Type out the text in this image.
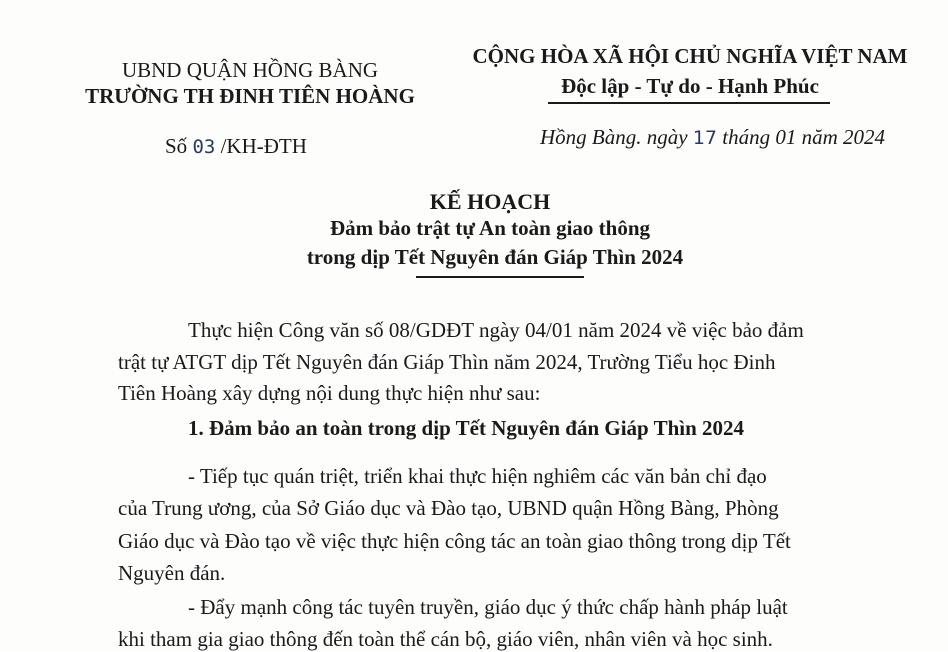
UBND QUẬN HỒNG BÀNG
TRƯỜNG TH ĐINH TIÊN HOÀNG
Số 03 /KH-ĐTH
CỘNG HÒA XÃ HỘI CHỦ NGHĨA VIỆT NAM
Độc lập - Tự do - Hạnh Phúc
Hồng Bàng. ngày 17 tháng 01 năm 2024
KẾ HOẠCH
Đảm bảo trật tự An toàn giao thông
trong dịp Tết Nguyên đán Giáp Thìn 2024
Thực hiện Công văn số 08/GDĐT ngày 04/01 năm 2024 về việc bảo đảm
trật tự ATGT dịp Tết Nguyên đán Giáp Thìn năm 2024, Trường Tiểu học Đinh
Tiên Hoàng xây dựng nội dung thực hiện như sau:
1. Đảm bảo an toàn trong dịp Tết Nguyên đán Giáp Thìn 2024
- Tiếp tục quán triệt, triển khai thực hiện nghiêm các văn bản chỉ đạo
của Trung ương, của Sở Giáo dục và Đào tạo, UBND quận Hồng Bàng, Phòng
Giáo dục và Đào tạo về việc thực hiện công tác an toàn giao thông trong dịp Tết
Nguyên đán.
- Đẩy mạnh công tác tuyên truyền, giáo dục ý thức chấp hành pháp luật
khi tham gia giao thông đến toàn thể cán bộ, giáo viên, nhân viên và học sinh.
